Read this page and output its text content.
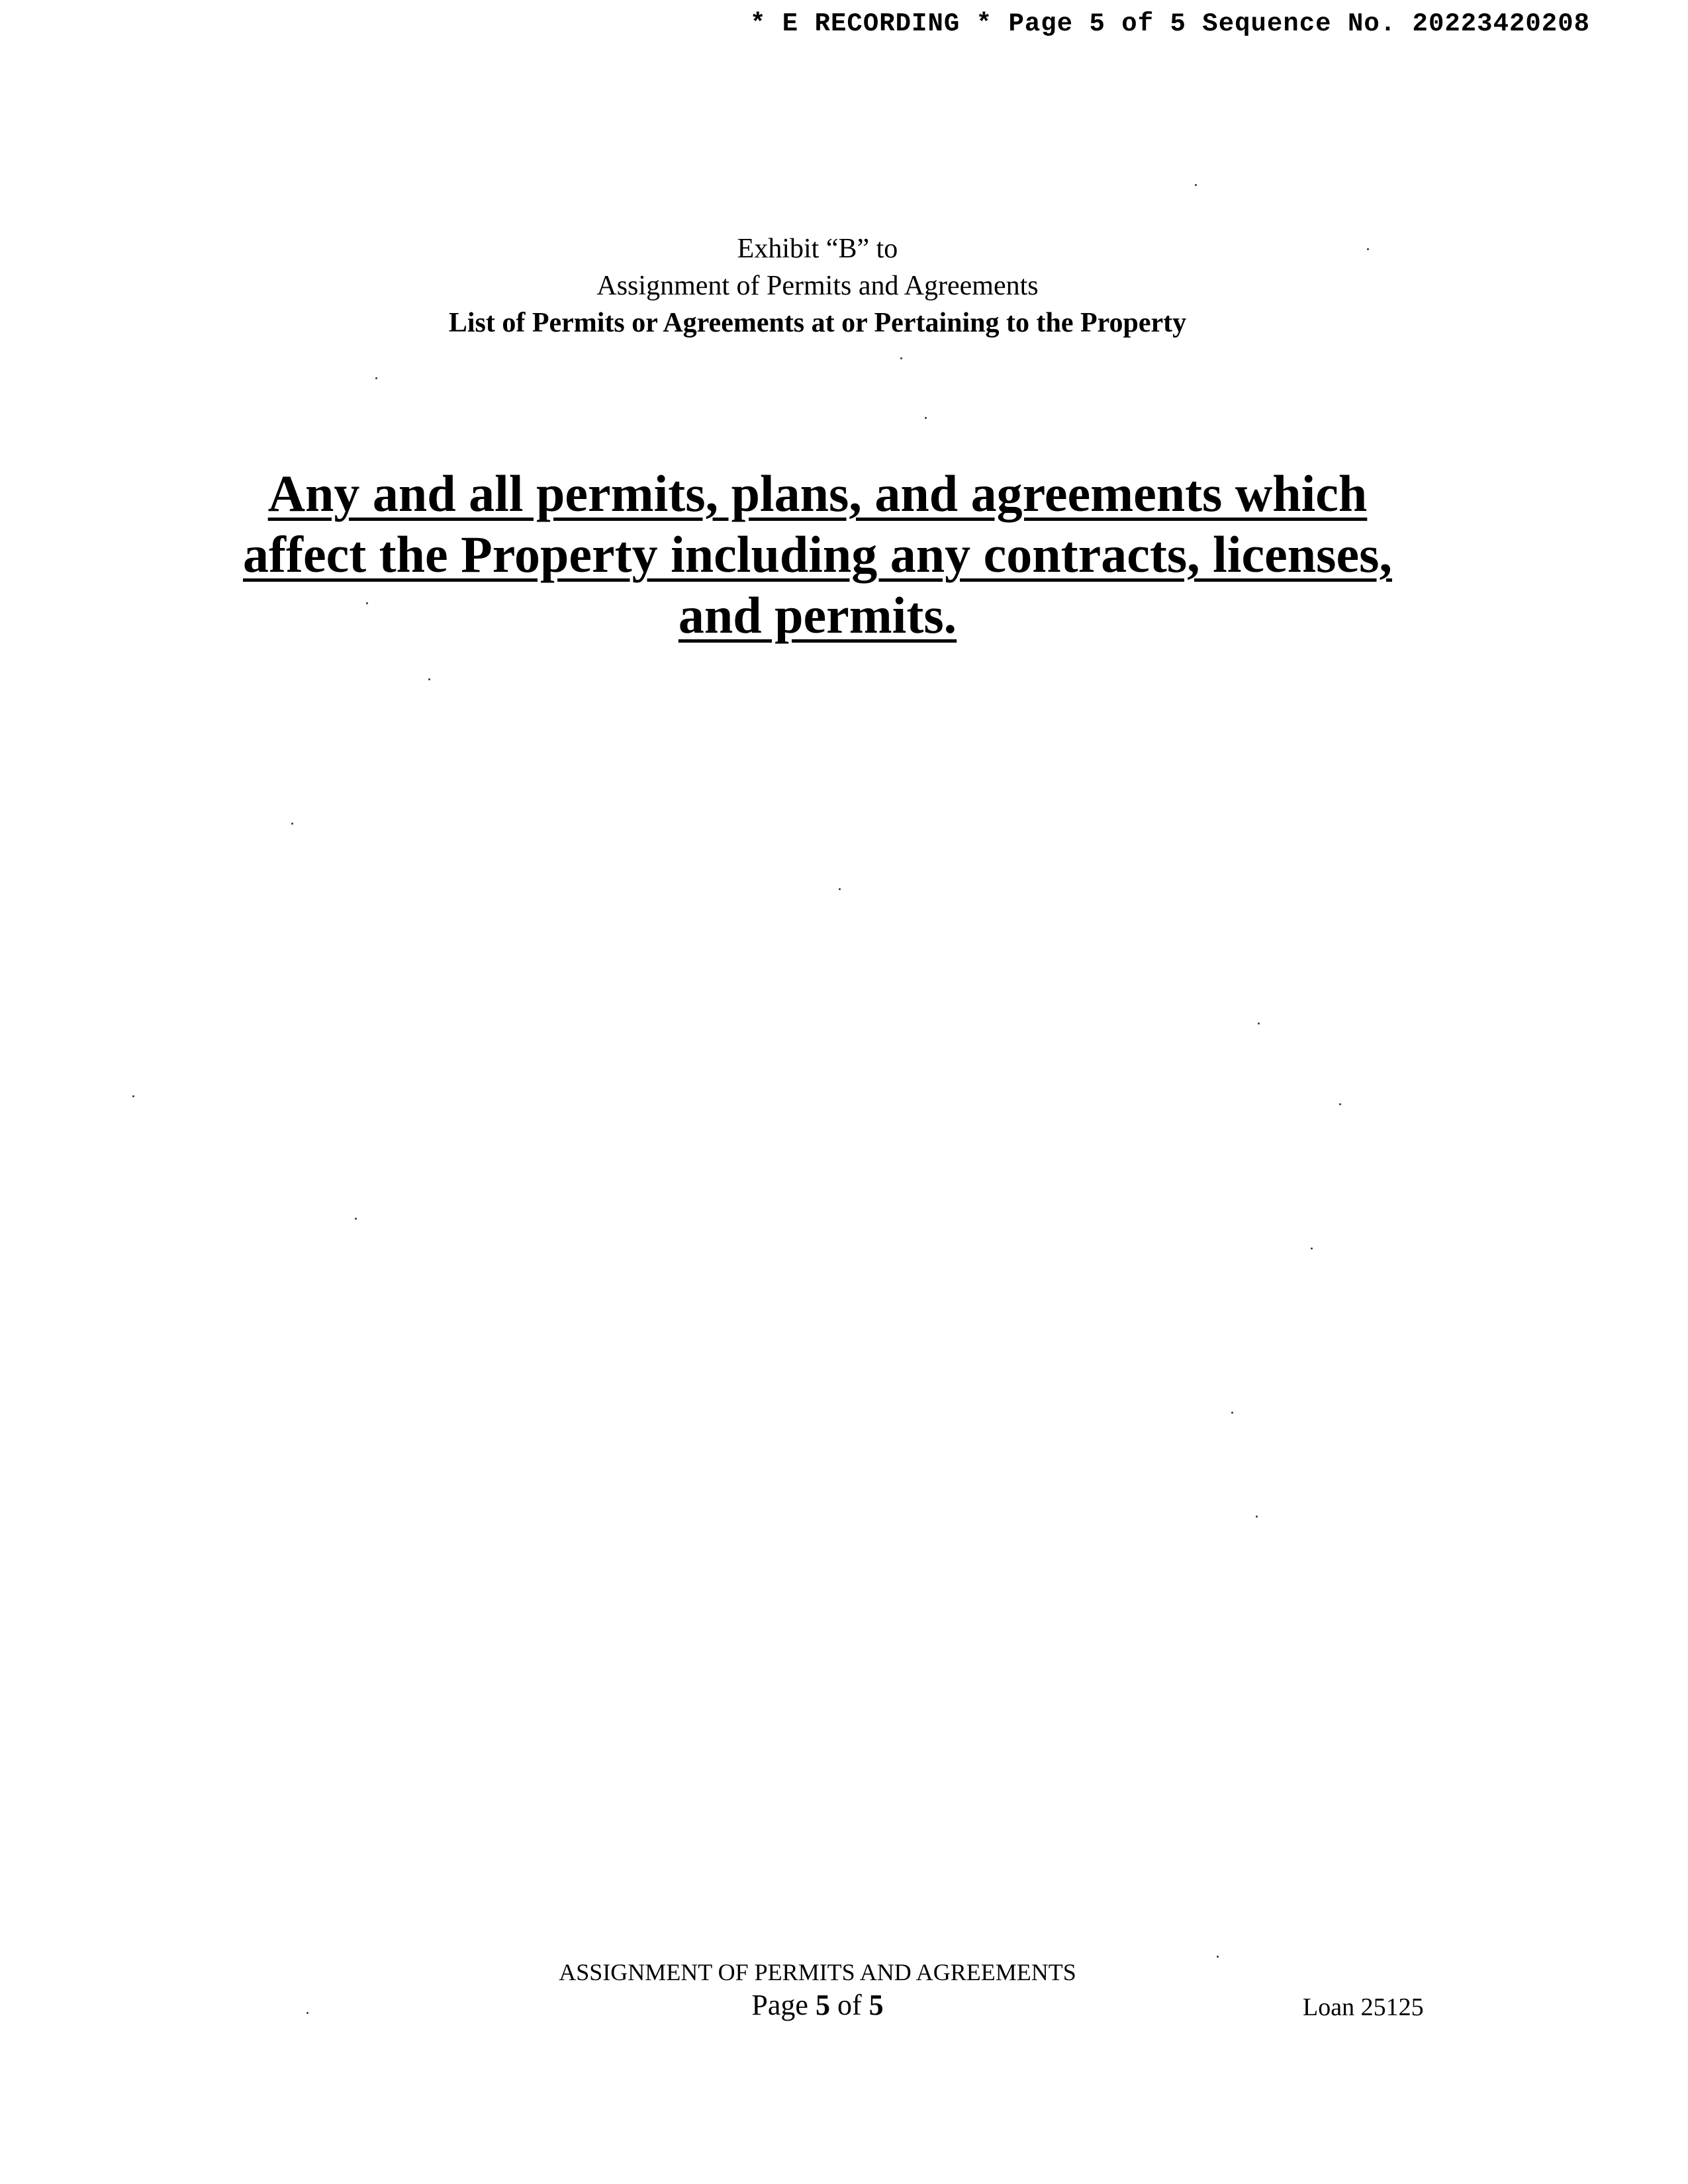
* E RECORDING * Page 5 of 5 Sequence No. 20223420208
Exhibit “B” to
Assignment of Permits and Agreements
List of Permits or Agreements at or Pertaining to the Property
Any and all permits, plans, and agreements which
affect the Property including any contracts, licenses,
and permits.
ASSIGNMENT OF PERMITS AND AGREEMENTS
Page 5 of 5	Loan 25125
